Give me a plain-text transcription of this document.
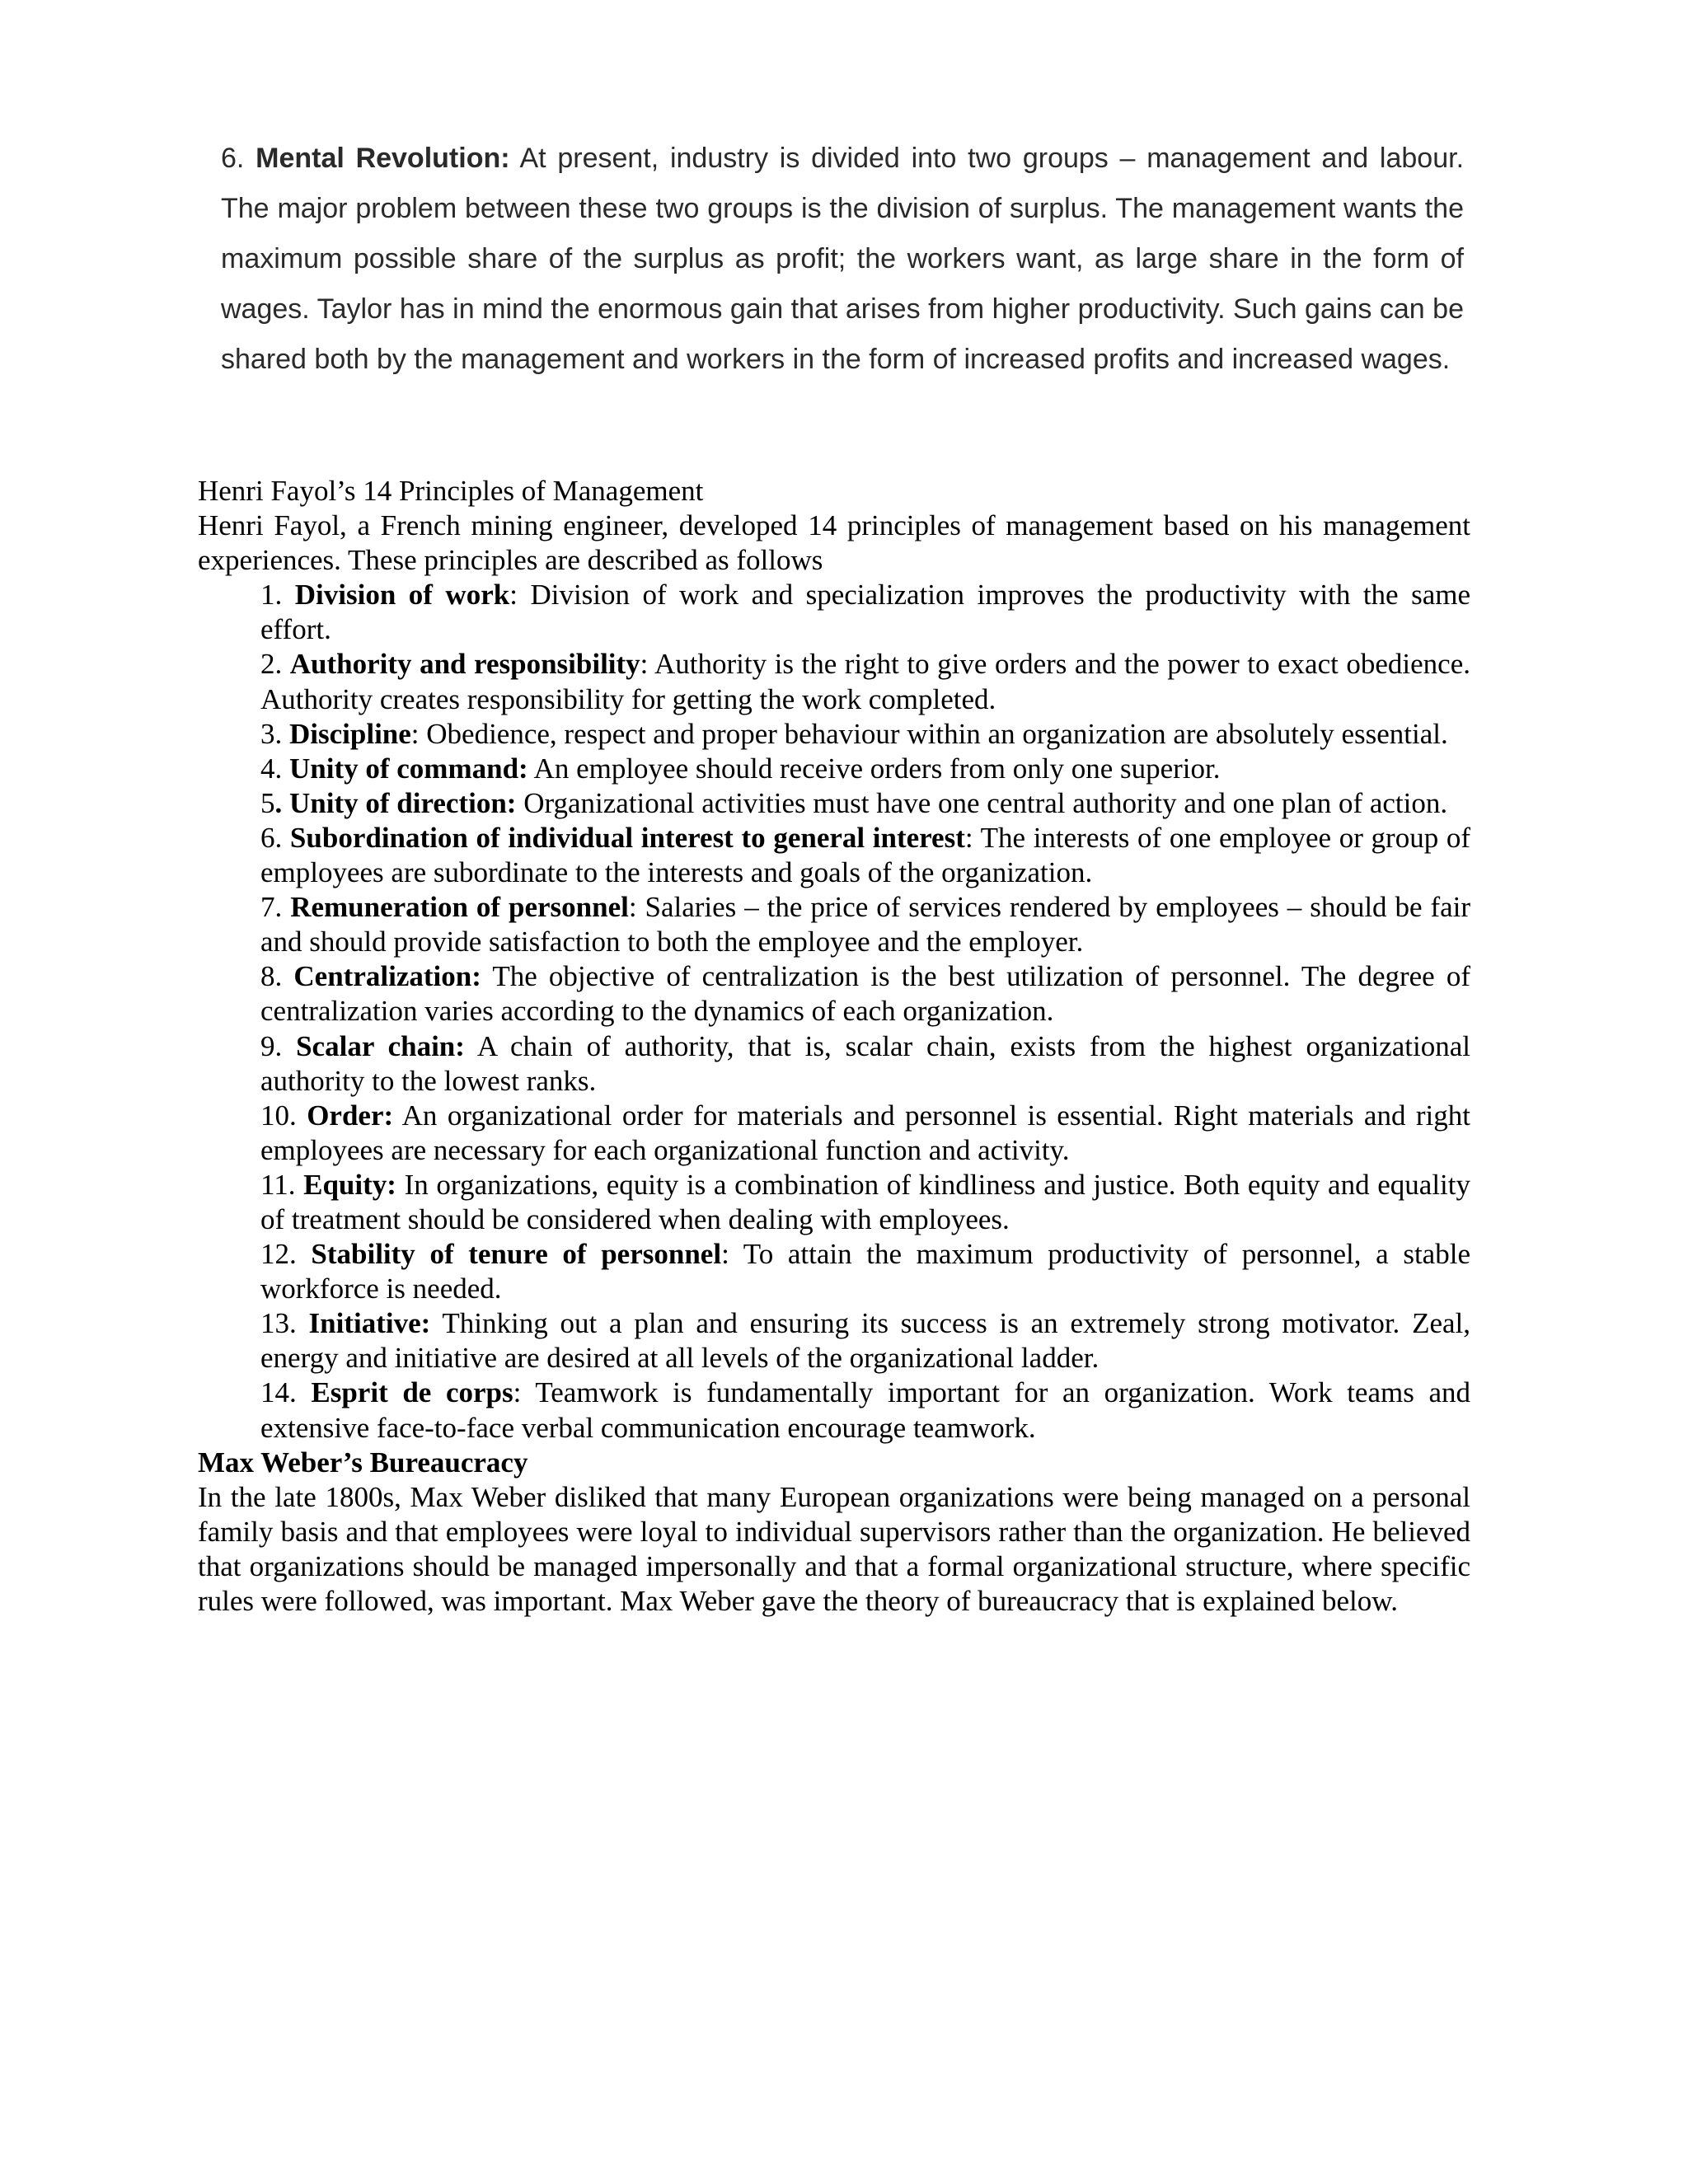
6. Mental Revolution: At present, industry is divided into two groups – management and labour. The major problem between these two groups is the division of surplus. The management wants the maximum possible share of the surplus as profit; the workers want, as large share in the form of wages. Taylor has in mind the enormous gain that arises from higher productivity. Such gains can be shared both by the management and workers in the form of increased profits and increased wages.

Henri Fayol’s 14 Principles of Management

Henri Fayol, a French mining engineer, developed 14 principles of management based on his management experiences. These principles are described as follows

1. Division of work: Division of work and specialization improves the productivity with the same effort.
2. Authority and responsibility: Authority is the right to give orders and the power to exact obedience. Authority creates responsibility for getting the work completed.
3. Discipline: Obedience, respect and proper behaviour within an organization are absolutely essential.
4. Unity of command: An employee should receive orders from only one superior.
5. Unity of direction: Organizational activities must have one central authority and one plan of action.
6. Subordination of individual interest to general interest: The interests of one employee or group of employees are subordinate to the interests and goals of the organization.
7. Remuneration of personnel: Salaries – the price of services rendered by employees – should be fair and should provide satisfaction to both the employee and the employer.
8. Centralization: The objective of centralization is the best utilization of personnel. The degree of centralization varies according to the dynamics of each organization.
9. Scalar chain: A chain of authority, that is, scalar chain, exists from the highest organizational authority to the lowest ranks.
10. Order: An organizational order for materials and personnel is essential. Right materials and right employees are necessary for each organizational function and activity.
11. Equity: In organizations, equity is a combination of kindliness and justice. Both equity and equality of treatment should be considered when dealing with employees.
12. Stability of tenure of personnel: To attain the maximum productivity of personnel, a stable workforce is needed.
13. Initiative: Thinking out a plan and ensuring its success is an extremely strong motivator. Zeal, energy and initiative are desired at all levels of the organizational ladder.
14. Esprit de corps: Teamwork is fundamentally important for an organization. Work teams and extensive face-to-face verbal communication encourage teamwork.

Max Weber’s Bureaucracy

In the late 1800s, Max Weber disliked that many European organizations were being managed on a personal family basis and that employees were loyal to individual supervisors rather than the organization. He believed that organizations should be managed impersonally and that a formal organizational structure, where specific rules were followed, was important. Max Weber gave the theory of bureaucracy that is explained below.
